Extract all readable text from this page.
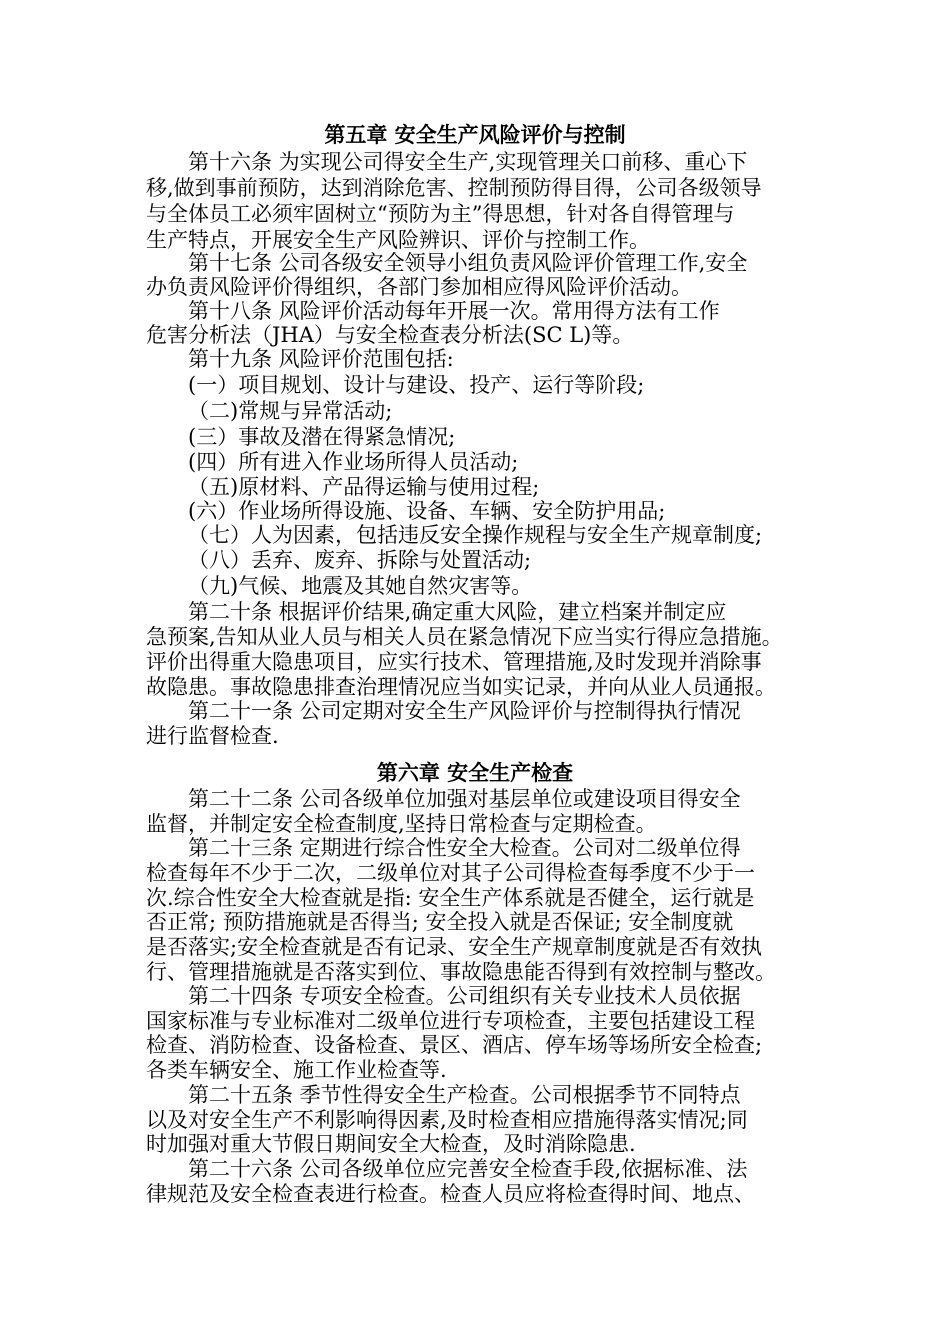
第五章 安全生产风险评价与控制
第十六条 为实现公司得安全生产,实现管理关口前移、重心下
移,做到事前预防，达到消除危害、控制预防得目得，公司各级领导
与全体员工必须牢固树立“预防为主”得思想，针对各自得管理与
生产特点，开展安全生产风险辨识、评价与控制工作。
第十七条 公司各级安全领导小组负责风险评价管理工作,安全
办负责风险评价得组织，各部门参加相应得风险评价活动。
第十八条 风险评价活动每年开展一次。常用得方法有工作
危害分析法（JHA）与安全检查表分析法(SC L)等。
第十九条 风险评价范围包括:
(一）项目规划、设计与建设、投产、运行等阶段;
（二)常规与异常活动;
(三）事故及潜在得紧急情况;
(四）所有进入作业场所得人员活动;
（五)原材料、产品得运输与使用过程;
(六）作业场所得设施、设备、车辆、安全防护用品;
（七）人为因素，包括违反安全操作规程与安全生产规章制度;
（八）丢弃、废弃、拆除与处置活动;
（九)气候、地震及其她自然灾害等。
第二十条 根据评价结果,确定重大风险，建立档案并制定应
急预案,告知从业人员与相关人员在紧急情况下应当实行得应急措施。
评价出得重大隐患项目，应实行技术、管理措施,及时发现并消除事
故隐患。事故隐患排查治理情况应当如实记录，并向从业人员通报。
第二十一条 公司定期对安全生产风险评价与控制得执行情况
进行监督检查.
第六章 安全生产检查
第二十二条 公司各级单位加强对基层单位或建设项目得安全
监督，并制定安全检查制度,坚持日常检查与定期检查。
第二十三条 定期进行综合性安全大检查。公司对二级单位得
检查每年不少于二次，二级单位对其子公司得检查每季度不少于一
次.综合性安全大检查就是指: 安全生产体系就是否健全，运行就是
否正常; 预防措施就是否得当; 安全投入就是否保证; 安全制度就
是否落实;安全检查就是否有记录、安全生产规章制度就是否有效执
行、管理措施就是否落实到位、事故隐患能否得到有效控制与整改。
第二十四条 专项安全检查。公司组织有关专业技术人员依据
国家标准与专业标准对二级单位进行专项检查，主要包括建设工程
检查、消防检查、设备检查、景区、酒店、停车场等场所安全检查;
各类车辆安全、施工作业检查等.
第二十五条 季节性得安全生产检查。公司根据季节不同特点
以及对安全生产不利影响得因素,及时检查相应措施得落实情况;同
时加强对重大节假日期间安全大检查，及时消除隐患.
第二十六条 公司各级单位应完善安全检查手段,依据标准、法
律规范及安全检查表进行检查。检查人员应将检查得时间、地点、
